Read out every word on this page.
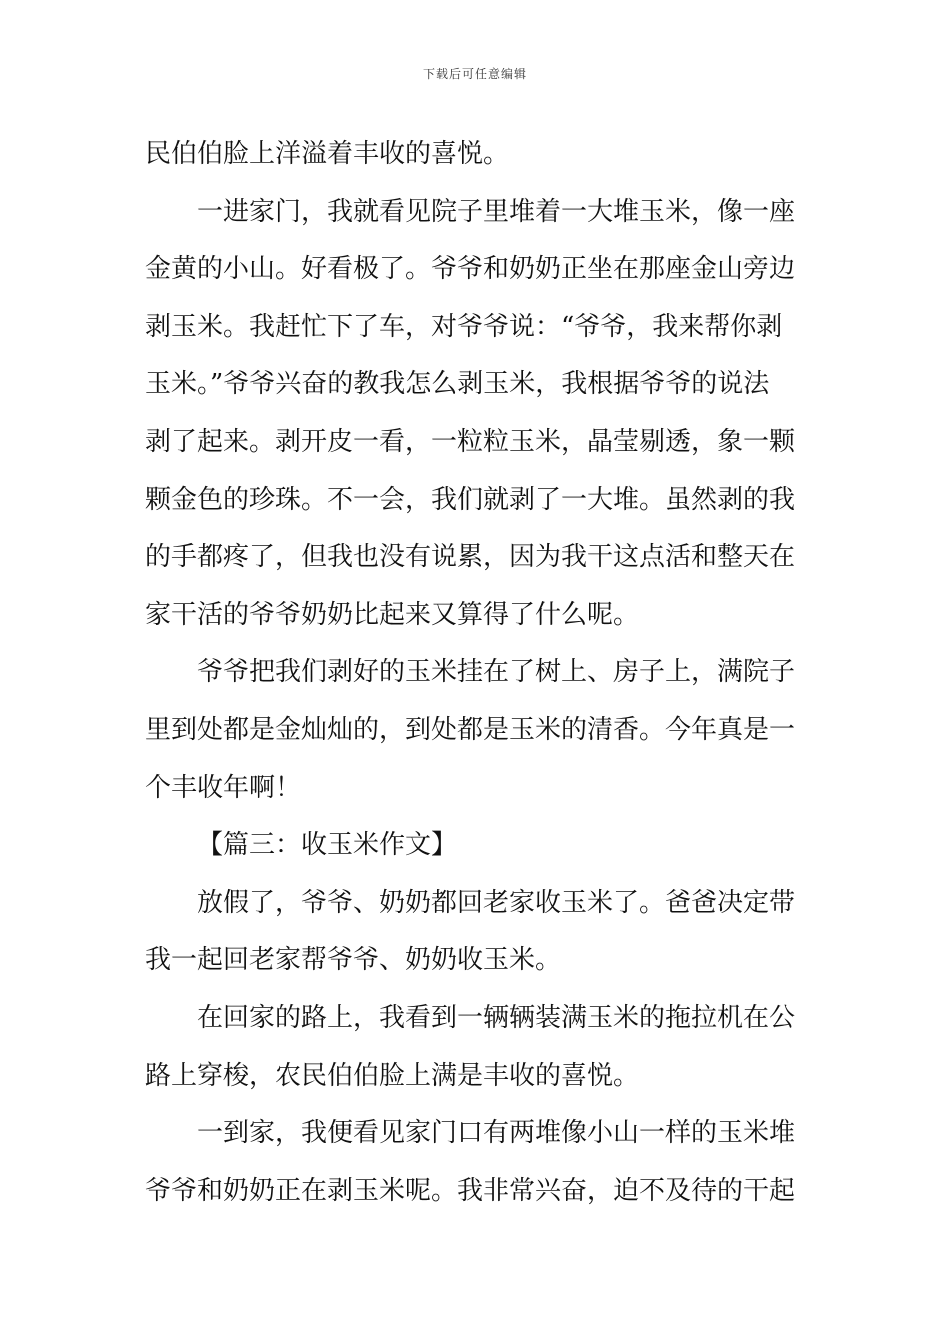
下载后可任意编辑
民伯伯脸上洋溢着丰收的喜悦。
一进家门，我就看见院子里堆着一大堆玉米，像一座
金黄的小山。好看极了。爷爷和奶奶正坐在那座金山旁边
剥玉米。我赶忙下了车，对爷爷说：“爷爷，我来帮你剥
玉米。”爷爷兴奋的教我怎么剥玉米，我根据爷爷的说法
剥了起来。剥开皮一看，一粒粒玉米，晶莹剔透，象一颗
颗金色的珍珠。不一会，我们就剥了一大堆。虽然剥的我
的手都疼了，但我也没有说累，因为我干这点活和整天在
家干活的爷爷奶奶比起来又算得了什么呢。
爷爷把我们剥好的玉米挂在了树上、房子上，满院子
里到处都是金灿灿的，到处都是玉米的清香。今年真是一
个丰收年啊！
【篇三：收玉米作文】
放假了，爷爷、奶奶都回老家收玉米了。爸爸决定带
我一起回老家帮爷爷、奶奶收玉米。
在回家的路上，我看到一辆辆装满玉米的拖拉机在公
路上穿梭，农民伯伯脸上满是丰收的喜悦。
一到家，我便看见家门口有两堆像小山一样的玉米堆
爷爷和奶奶正在剥玉米呢。我非常兴奋，迫不及待的干起
